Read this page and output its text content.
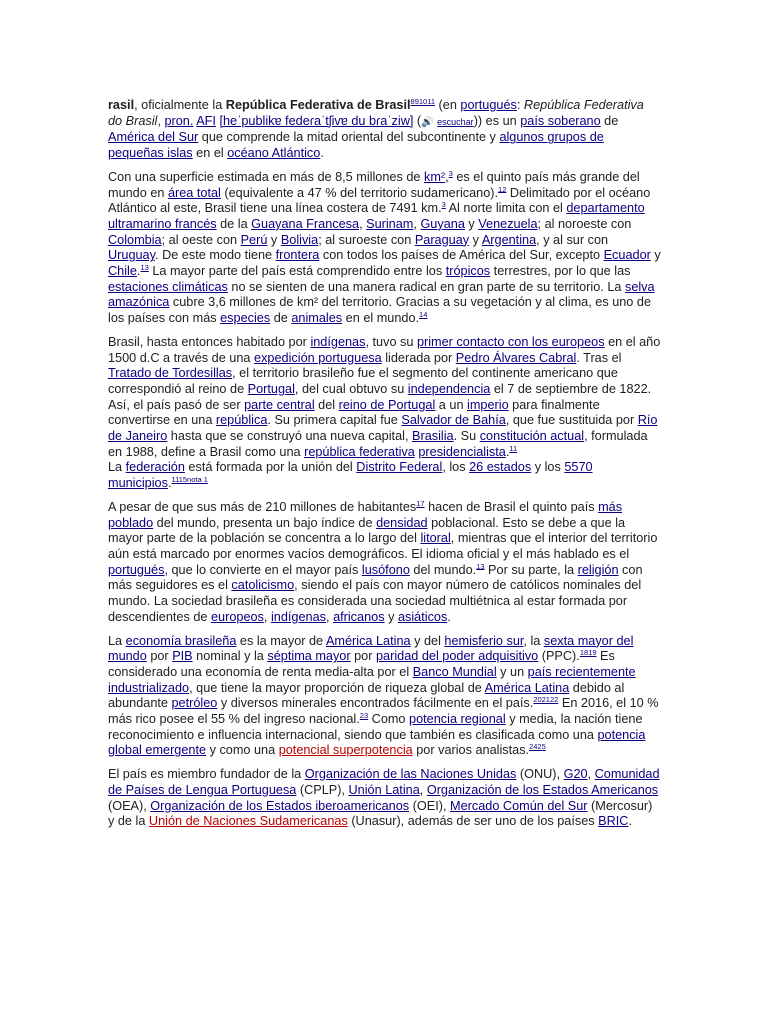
rasil, oficialmente la República Federativa de Brasil$^{891011}$ (en portugués: República Federativa do Brasil, pron. AFI [heˈpublikɐ fedeɾaˈtʃivɐ du bɾaˈziw] (🔊 escuchar)) es un país soberano de América del Sur que comprende la mitad oriental del subcontinente y algunos grupos de pequeñas islas en el océano Atlántico.

Con una superficie estimada en más de 8,5 millones de km²,$^3$ es el quinto país más grande del mundo en área total (equivalente a 47 % del territorio sudamericano).$^{12}$ Delimitado por el océano Atlántico al este, Brasil tiene una línea costera de 7491 km.$^3$ Al norte limita con el departamento ultramarino francés de la Guayana Francesa, Surinam, Guyana y Venezuela; al noroeste con Colombia; al oeste con Perú y Bolivia; al suroeste con Paraguay y Argentina, y al sur con Uruguay. De este modo tiene frontera con todos los países de América del Sur, excepto Ecuador y Chile.$^{13}$ La mayor parte del país está comprendido entre los trópicos terrestres, por lo que las estaciones climáticas no se sienten de una manera radical en gran parte de su territorio. La selva amazónica cubre 3,6 millones de km² del territorio. Gracias a su vegetación y al clima, es uno de los países con más especies de animales en el mundo.$^{14}$

Brasil, hasta entonces habitado por indígenas, tuvo su primer contacto con los europeos en el año 1500 d.C a través de una expedición portuguesa liderada por Pedro Álvares Cabral. Tras el Tratado de Tordesillas, el territorio brasileño fue el segmento del continente americano que correspondió al reino de Portugal, del cual obtuvo su independencia el 7 de septiembre de 1822. Así, el país pasó de ser parte central del reino de Portugal a un imperio para finalmente convertirse en una república. Su primera capital fue Salvador de Bahía, que fue sustituida por Río de Janeiro hasta que se construyó una nueva capital, Brasilia. Su constitución actual, formulada en 1988, define a Brasil como una república federativa presidencialista.$^{11}$
La federación está formada por la unión del Distrito Federal, los 26 estados y los 5570 municipios.$^{1115nota 1}$

A pesar de que sus más de 210 millones de habitantes$^{17}$ hacen de Brasil el quinto país más poblado del mundo, presenta un bajo índice de densidad poblacional. Esto se debe a que la mayor parte de la población se concentra a lo largo del litoral, mientras que el interior del territorio aún está marcado por enormes vacíos demográficos. El idioma oficial y el más hablado es el portugués, que lo convierte en el mayor país lusófono del mundo.$^{13}$ Por su parte, la religión con más seguidores es el catolicismo, siendo el país con mayor número de católicos nominales del mundo. La sociedad brasileña es considerada una sociedad multiétnica al estar formada por descendientes de europeos, indígenas, africanos y asiáticos.

La economía brasileña es la mayor de América Latina y del hemisferio sur, la sexta mayor del mundo por PIB nominal y la séptima mayor por paridad del poder adquisitivo (PPC).$^{1819}$ Es considerado una economía de renta media-alta por el Banco Mundial y un país recientemente industrializado, que tiene la mayor proporción de riqueza global de América Latina debido al abundante petróleo y diversos minerales encontrados fácilmente en el país.$^{202122}$ En 2016, el 10 % más rico posee el 55 % del ingreso nacional.$^{23}$ Como potencia regional y media, la nación tiene reconocimiento e influencia internacional, siendo que también es clasificada como una potencia global emergente y como una potencial superpotencia por varios analistas.$^{2425}$

El país es miembro fundador de la Organización de las Naciones Unidas (ONU), G20, Comunidad de Países de Lengua Portuguesa (CPLP), Unión Latina, Organización de los Estados Americanos (OEA), Organización de los Estados iberoamericanos (OEI), Mercado Común del Sur (Mercosur) y de la Unión de Naciones Sudamericanas (Unasur), además de ser uno de los países BRIC.
